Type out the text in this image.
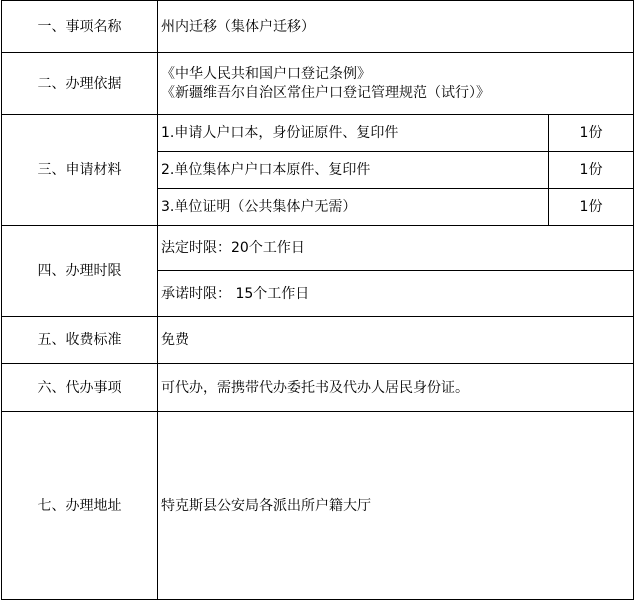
一、事项名称	州内迁移（集体户迁移）	
二、办理依据	《中华人民共和国户口登记条例》
《新疆维吾尔自治区常住户口登记管理规范（试行）》	

三、申请材料	1.申请人户口本，身份证原件、复印件	1份
	2.单位集体户户口本原件、复印件	1份
	3.单位证明（公共集体户无需）	1份
四、办理时限	法定时限：20个工作日	
	承诺时限： 15个工作日	
五、收费标准	免费	
六、代办事项	可代办，需携带代办委托书及代办人居民身份证。	
七、办理地址	特克斯县公安局各派出所户籍大厅	
